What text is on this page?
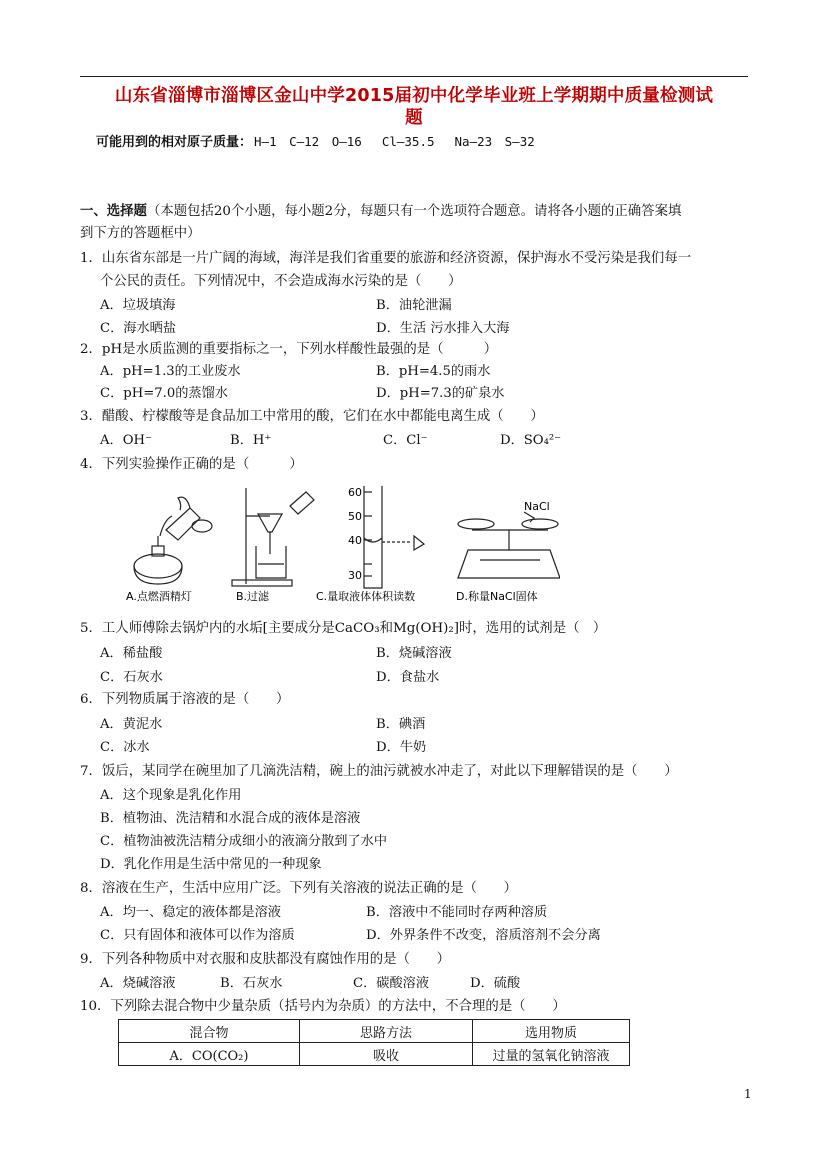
山东省淄博市淄博区金山中学2015届初中化学毕业班上学期期中质量检测试
题
可能用到的相对原子质量： H—1　C—12　O—16　 Cl—35.5　 Na—23　S—32
一、选择题（本题包括20个小题，每小题2分，每题只有一个选项符合题意。请将各小题的正确答案填
到下方的答题框中）
1．山东省东部是一片广阔的海域，海洋是我们省重要的旅游和经济资源，保护海水不受污染是我们每一
个公民的责任。下列情况中，不会造成海水污染的是（　　）
A．垃圾填海	B．油轮泄漏
C．海水晒盐	D．生活 污水排入大海
2．pH是水质监测的重要指标之一，下列水样酸性最强的是（　　　）
A．pH=1.3的工业废水	B．pH=4.5的雨水
C．pH=7.0的蒸馏水	D．pH=7.3的矿泉水
3．醋酸、柠檬酸等是食品加工中常用的酸，它们在水中都能电离生成（　　）
A．OH⁻	B．H⁺	C．Cl⁻	D．SO₄²⁻
4．下列实验操作正确的是（　　　）
A.点燃酒精灯	B.过滤
60
50
40
30
C.量取液体体积读数
NaCl
D.称量NaCl固体
5．工人师傅除去锅炉内的水垢[主要成分是CaCO₃和Mg(OH)₂]时，选用的试剂是（　）
A．稀盐酸	B．烧碱溶液
C．石灰水	D．食盐水
6．下列物质属于溶液的是（　　）
A．黄泥水	B．碘酒
C．冰水	D．牛奶
7．饭后，某同学在碗里加了几滴洗洁精，碗上的油污就被水冲走了，对此以下理解错误的是（　　）
A．这个现象是乳化作用
B．植物油、洗洁精和水混合成的液体是溶液
C．植物油被洗洁精分成细小的液滴分散到了水中
D．乳化作用是生活中常见的一种现象
8．溶液在生产，生活中应用广泛。下列有关溶液的说法正确的是（　　）
A．均一、稳定的液体都是溶液	B．溶液中不能同时存两种溶质
C．只有固体和液体可以作为溶质	D．外界条件不改变，溶质溶剂不会分离
9．下列各种物质中对衣服和皮肤都没有腐蚀作用的是（　　）
A．烧碱溶液	B．石灰水	C．碳酸溶液	D．硫酸
10．下列除去混合物中少量杂质（括号内为杂质）的方法中，不合理的是（　　）
混合物	思路方法	选用物质
A．CO(CO₂)	吸收	过量的氢氧化钠溶液
1
